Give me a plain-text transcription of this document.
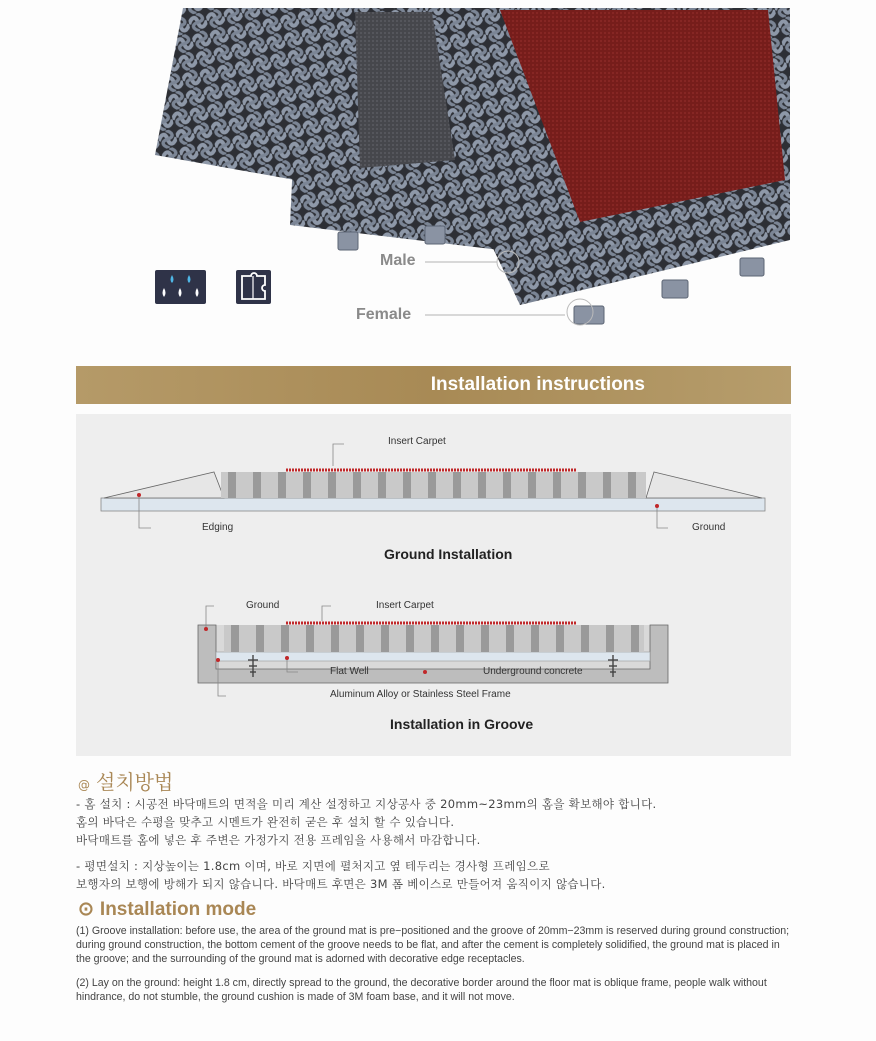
Male
Female
Installation instructions
Insert Carpet
Edging	Ground
Ground Installation
Ground	Insert Carpet
Flat Well	Underground concrete
Aluminum Alloy or Stainless Steel Frame
Installation in Groove
@ 설치방법
- 홈 설치 : 시공전 바닥매트의 면적을 미리 계산 설정하고 지상공사 중 20mm~23mm의 홈을 확보해야 합니다.
홈의 바닥은 수평을 맞추고 시멘트가 완전히 굳은 후 설치 할 수 있습니다.
바닥매트를 홈에 넣은 후 주변은 가정가지 전용 프레임을 사용해서 마감합니다.
- 평면설치 : 지상높이는 1.8cm 이며, 바로 지면에 펼처지고 옆 테두리는 경사형 프레임으로
보행자의 보행에 방해가 되지 않습니다. 바닥매트 후면은 3M 폼 베이스로 만들어져 움직이지 않습니다.
⊙ Installation mode
(1) Groove installation: before use, the area of the ground mat is pre−positioned and the groove of 20mm−23mm is reserved during ground construction; during ground construction, the bottom cement of the groove needs to be flat, and after the cement is completely solidified, the ground mat is placed in the groove; and the surrounding of the ground mat is adorned with decorative edge receptacles.
(2) Lay on the ground: height 1.8 cm, directly spread to the ground, the decorative border around the floor mat is oblique frame, people walk without hindrance, do not stumble, the ground cushion is made of 3M foam base, and it will not move.
